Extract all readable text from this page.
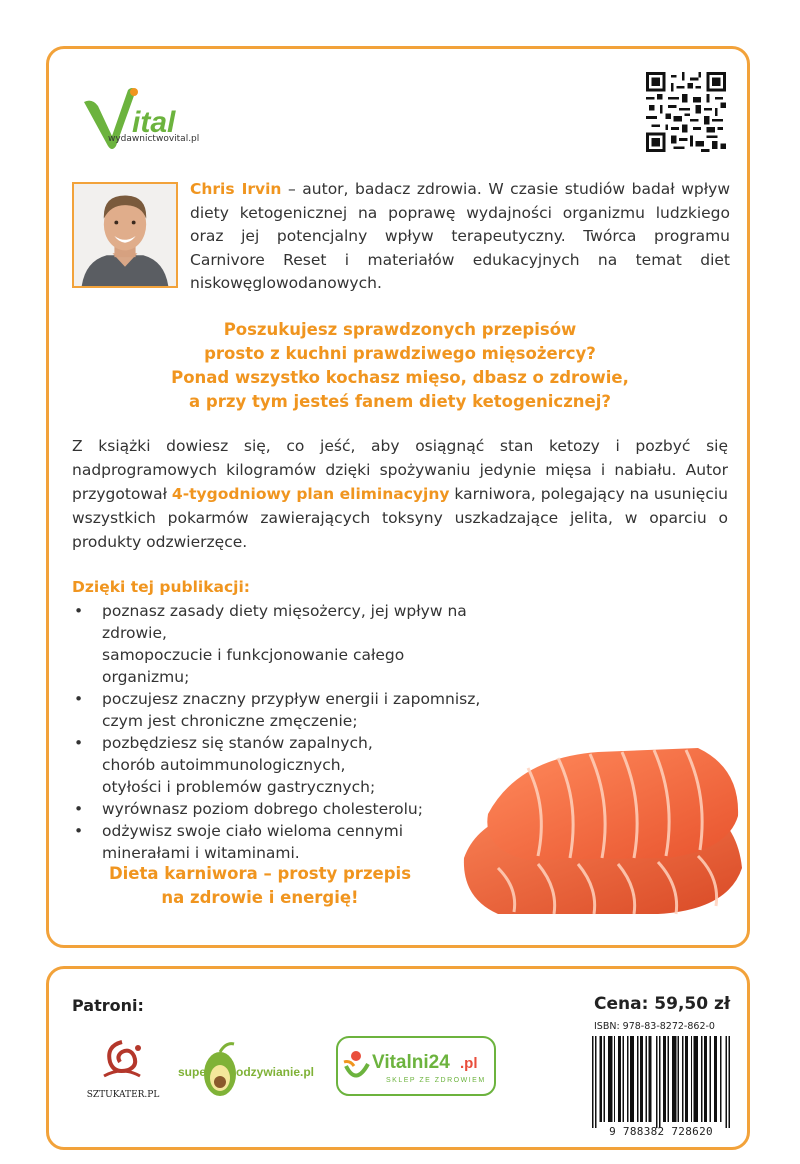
ital
wydawnictwovital.pl
Chris Irvin – autor, badacz zdrowia. W czasie studiów badał wpływ diety ketogenicznej na poprawę wydajności organizmu ludzkiego oraz jej potencjalny wpływ terapeutyczny. Twórca programu Carnivore Reset i materiałów edukacyjnych na temat diet niskowęglowodanowych.
Poszukujesz sprawdzonych przepisów
prosto z kuchni prawdziwego mięsożercy?
Ponad wszystko kochasz mięso, dbasz o zdrowie,
a przy tym jesteś fanem diety ketogenicznej?
Z książki dowiesz się, co jeść, aby osiągnąć stan ketozy i pozbyć się nadprogramowych kilogramów dzięki spożywaniu jedynie mięsa i nabiału. Autor przygotował 4-tygodniowy plan eliminacyjny karniwora, polegający na usunięciu wszystkich pokarmów zawierających toksyny uszkadzające jelita, w oparciu o produkty odzwierzęce.
Dzięki tej publikacji:
• poznasz zasady diety mięsożercy, jej wpływ na zdrowie,
samopoczucie i funkcjonowanie całego organizmu;
• poczujesz znaczny przypływ energii i zapomnisz,
czym jest chroniczne zmęczenie;
• pozbędziesz się stanów zapalnych,
chorób autoimmunologicznych,
otyłości i problemów gastrycznych;
• wyrównasz poziom dobrego cholesterolu;
• odżywisz swoje ciało wieloma cennymi
minerałami i witaminami.
Dieta karniwora – prosty przepis
na zdrowie i energię!
Patroni:
SZTUKATER.PL
super odzywianie.pl	Vitalni24 .pl
SKLEP ZE ZDROWIEM
Cena: 59,50 zł
ISBN: 978-83-8272-862-0
9 788382 728620
